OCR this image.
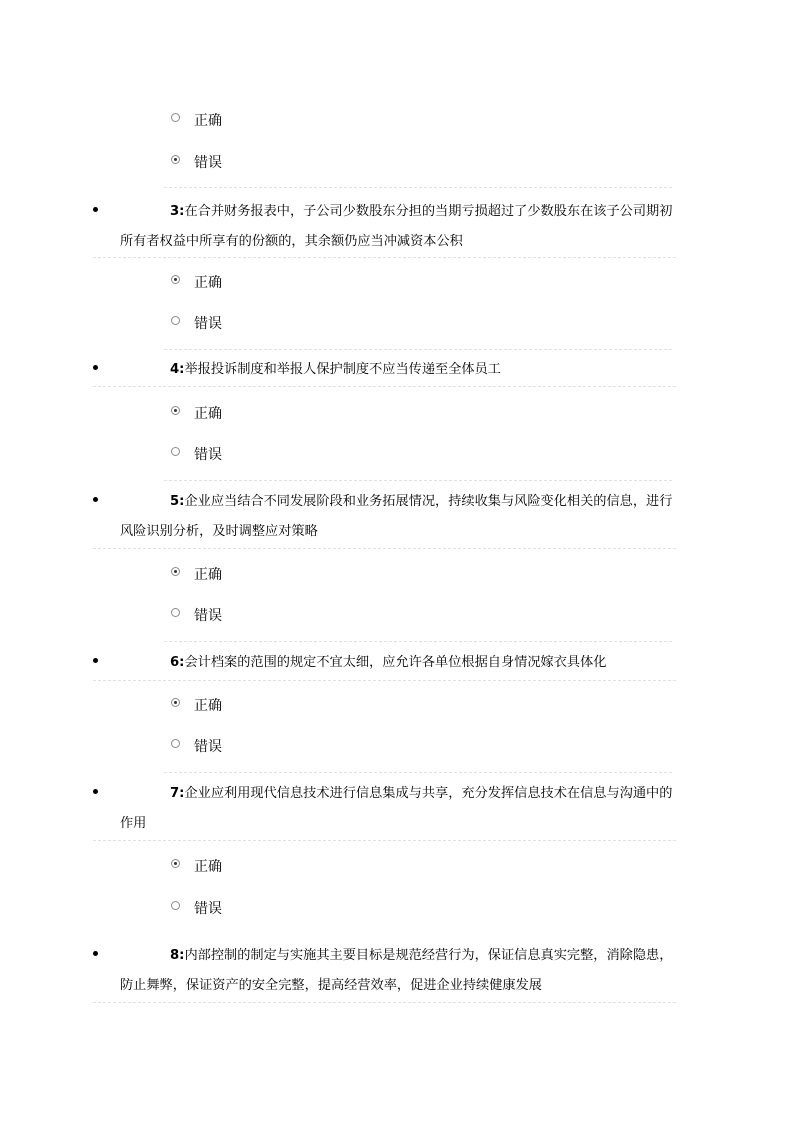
正确
错误
3:在合并财务报表中，子公司少数股东分担的当期亏损超过了少数股东在该子公司期初所有者权益中所享有的份额的，其余额仍应当冲减资本公积
正确
错误
4:举报投诉制度和举报人保护制度不应当传递至全体员工
正确
错误
5:企业应当结合不同发展阶段和业务拓展情况，持续收集与风险变化相关的信息，进行风险识别分析，及时调整应对策略
正确
错误
6:会计档案的范围的规定不宜太细，应允许各单位根据自身情况嫁衣具体化
正确
错误
7:企业应利用现代信息技术进行信息集成与共享，充分发挥信息技术在信息与沟通中的作用
正确
错误
8:内部控制的制定与实施其主要目标是规范经营行为，保证信息真实完整，消除隐患，防止舞弊，保证资产的安全完整，提高经营效率，促进企业持续健康发展
